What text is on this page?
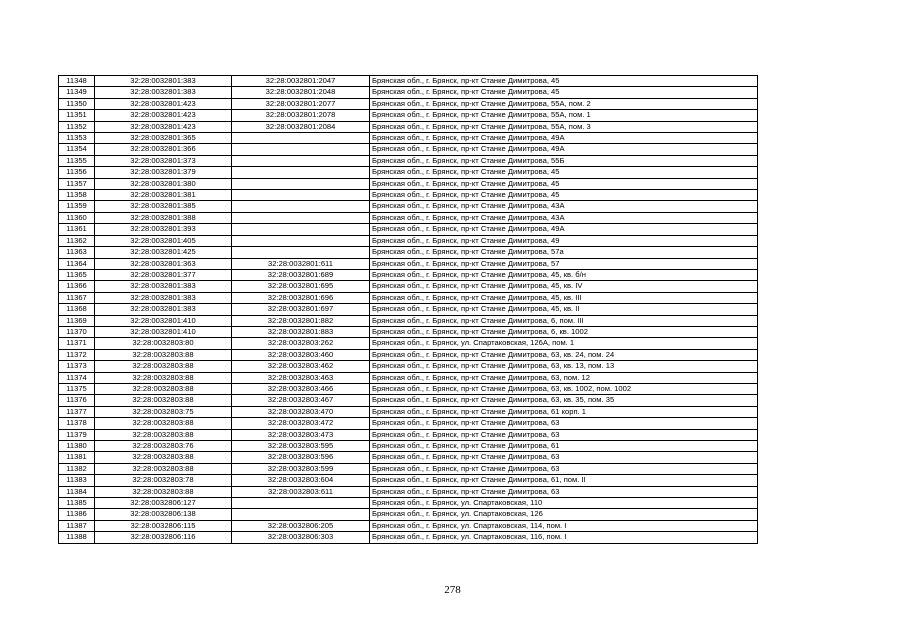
11348	32:28:0032801:383	32:28:0032801:2047	Брянская обл., г. Брянск, пр-кт Станке Димитрова, 45
11349	32:28:0032801:383	32:28:0032801:2048	Брянская обл., г. Брянск, пр-кт Станке Димитрова, 45
11350	32:28:0032801:423	32:28:0032801:2077	Брянская обл., г. Брянск, пр-кт Станке Димитрова, 55А, пом. 2
11351	32:28:0032801:423	32:28:0032801:2078	Брянская обл., г. Брянск, пр-кт Станке Димитрова, 55А, пом. 1
11352	32:28:0032801:423	32:28:0032801:2084	Брянская обл., г. Брянск, пр-кт Станке Димитрова, 55А, пом. 3
11353	32:28:0032801:365		Брянская обл., г. Брянск, пр-кт Станке Димитрова, 49А
11354	32:28:0032801:366		Брянская обл., г. Брянск, пр-кт Станке Димитрова, 49А
11355	32:28:0032801:373		Брянская обл., г. Брянск, пр-кт Станке Димитрова, 55Б
11356	32:28:0032801:379		Брянская обл., г. Брянск, пр-кт Станке Димитрова, 45
11357	32:28:0032801:380		Брянская обл., г. Брянск, пр-кт Станке Димитрова, 45
11358	32:28:0032801:381		Брянская обл., г. Брянск, пр-кт Станке Димитрова, 45
11359	32:28:0032801:385		Брянская обл., г. Брянск, пр-кт Станке Димитрова, 43А
11360	32:28:0032801:388		Брянская обл., г. Брянск, пр-кт Станке Димитрова, 43А
11361	32:28:0032801:393		Брянская обл., г. Брянск, пр-кт Станке Димитрова, 49А
11362	32:28:0032801:405		Брянская обл., г. Брянск, пр-кт Станке Димитрова, 49
11363	32:28:0032801:425		Брянская обл., г. Брянск, пр-кт Станке Димитрова, 57а
11364	32:28:0032801:363	32:28:0032801:611	Брянская обл., г. Брянск, пр-кт Станке Димитрова, 57
11365	32:28:0032801:377	32:28:0032801:689	Брянская обл., г. Брянск, пр-кт Станке Димитрова, 45, кв. б/н
11366	32:28:0032801:383	32:28:0032801:695	Брянская обл., г. Брянск, пр-кт Станке Димитрова, 45, кв. IV
11367	32:28:0032801:383	32:28:0032801:696	Брянская обл., г. Брянск, пр-кт Станке Димитрова, 45, кв. III
11368	32:28:0032801:383	32:28:0032801:697	Брянская обл., г. Брянск, пр-кт Станке Димитрова, 45, кв. II
11369	32:28:0032801:410	32:28:0032801:882	Брянская обл., г. Брянск, пр-кт Станке Димитрова, 6, пом. III
11370	32:28:0032801:410	32:28:0032801:883	Брянская обл., г. Брянск, пр-кт Станке Димитрова, 6, кв. 1002
11371	32:28:0032803:80	32:28:0032803:262	Брянская обл., г. Брянск, ул. Спартаковская, 126А, пом. 1
11372	32:28:0032803:88	32:28:0032803:460	Брянская обл., г. Брянск, пр-кт Станке Димитрова, 63, кв. 24, пом. 24
11373	32:28:0032803:88	32:28:0032803:462	Брянская обл., г. Брянск, пр-кт Станке Димитрова, 63, кв. 13, пом. 13
11374	32:28:0032803:88	32:28:0032803:463	Брянская обл., г. Брянск, пр-кт Станке Димитрова, 63, пом. 12
11375	32:28:0032803:88	32:28:0032803:466	Брянская обл., г. Брянск, пр-кт Станке Димитрова, 63, кв. 1002, пом. 1002
11376	32:28:0032803:88	32:28:0032803:467	Брянская обл., г. Брянск, пр-кт Станке Димитрова, 63, кв. 35, пом. 35
11377	32:28:0032803:75	32:28:0032803:470	Брянская обл., г. Брянск, пр-кт Станке Димитрова, 61 корп. 1
11378	32:28:0032803:88	32:28:0032803:472	Брянская обл., г. Брянск, пр-кт Станке Димитрова, 63
11379	32:28:0032803:88	32:28:0032803:473	Брянская обл., г. Брянск, пр-кт Станке Димитрова, 63
11380	32:28:0032803:76	32:28:0032803:595	Брянская обл., г. Брянск, пр-кт Станке Димитрова, 61
11381	32:28:0032803:88	32:28:0032803:596	Брянская обл., г. Брянск, пр-кт Станке Димитрова, 63
11382	32:28:0032803:88	32:28:0032803:599	Брянская обл., г. Брянск, пр-кт Станке Димитрова, 63
11383	32:28:0032803:78	32:28:0032803:604	Брянская обл., г. Брянск, пр-кт Станке Димитрова, 61, пом. II
11384	32:28:0032803:88	32:28:0032803:611	Брянская обл., г. Брянск, пр-кт Станке Димитрова, 63
11385	32:28:0032806:127		Брянская обл., г. Брянск, ул. Спартаковская, 110
11386	32:28:0032806:138		Брянская обл., г. Брянск, ул. Спартаковская, 126
11387	32:28:0032806:115	32:28:0032806:205	Брянская обл., г. Брянск, ул. Спартаковская, 114, пом. I
11388	32:28:0032806:116	32:28:0032806:303	Брянская обл., г. Брянск, ул. Спартаковская, 116, пом. I
278
